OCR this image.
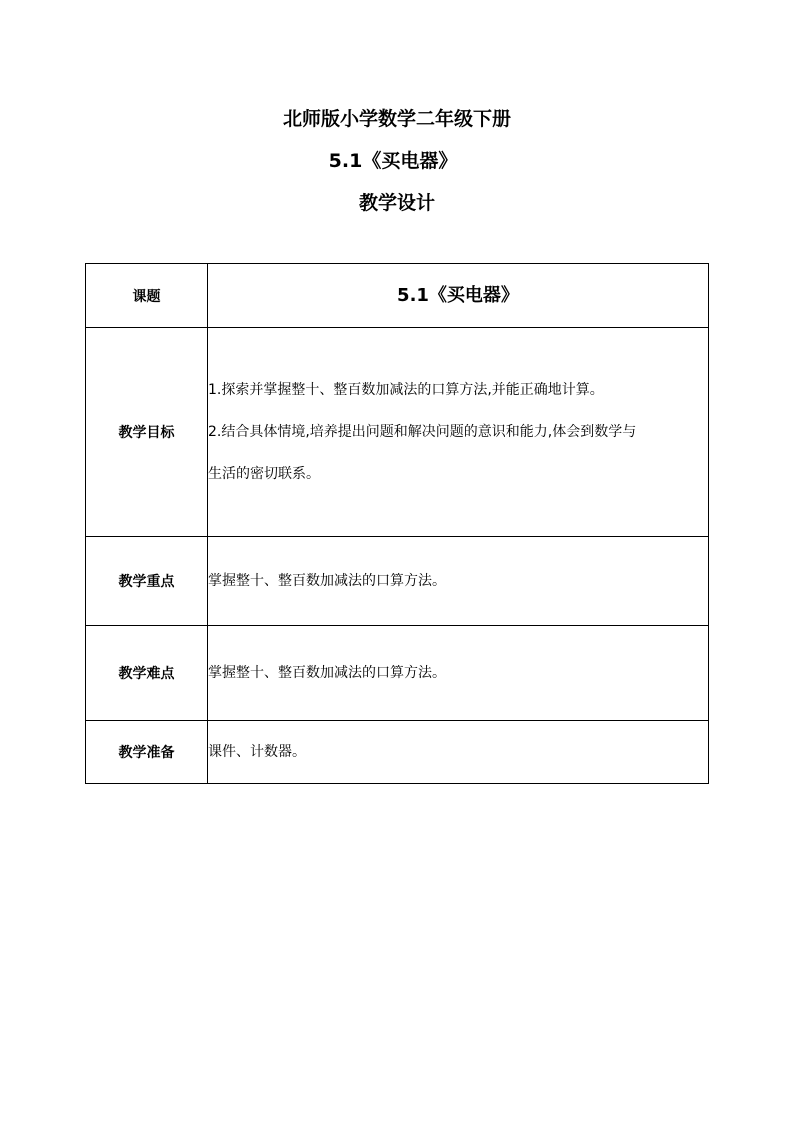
北师版小学数学二年级下册

5.1《买电器》

教学设计

课题	5.1《买电器》
教学目标	1.探索并掌握整十、整百数加减法的口算方法,并能正确地计算。
2.结合具体情境,培养提出问题和解决问题的意识和能力,体会到数学与
生活的密切联系。

教学重点	掌握整十、整百数加减法的口算方法。
教学难点	掌握整十、整百数加减法的口算方法。
教学准备	课件、计数器。
